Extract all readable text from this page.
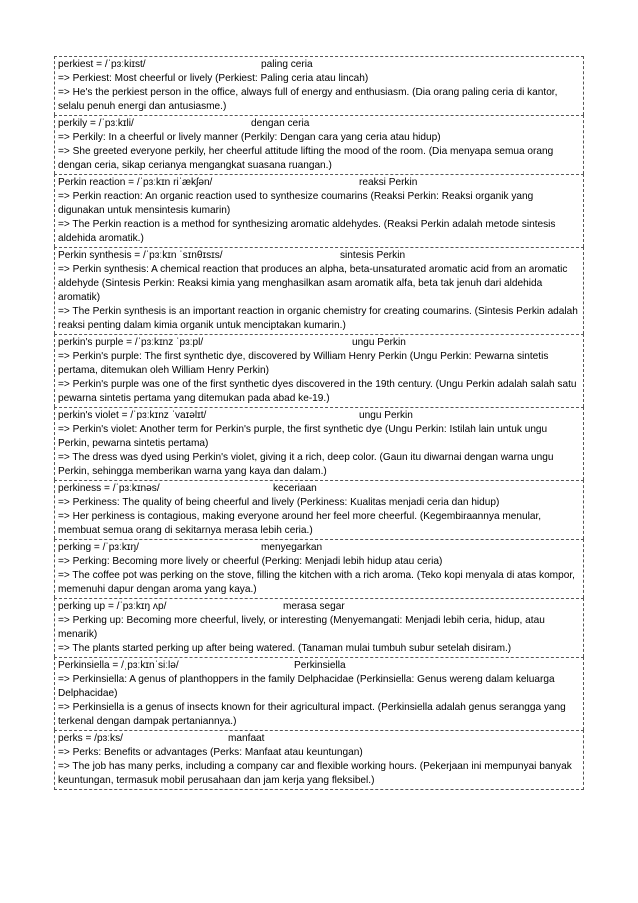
perkiest = /ˈpɜːkiɪst/	paling ceria
=> Perkiest: Most cheerful or lively (Perkiest: Paling ceria atau lincah)
=> He's the perkiest person in the office, always full of energy and enthusiasm. (Dia orang paling ceria di kantor, selalu penuh energi dan antusiasme.)
perkily = /ˈpɜːkɪli/	dengan ceria
=> Perkily: In a cheerful or lively manner (Perkily: Dengan cara yang ceria atau hidup)
=> She greeted everyone perkily, her cheerful attitude lifting the mood of the room. (Dia menyapa semua orang dengan ceria, sikap cerianya mengangkat suasana ruangan.)
Perkin reaction = /ˈpɜːkɪn riˈækʃən/	reaksi Perkin
=> Perkin reaction: An organic reaction used to synthesize coumarins (Reaksi Perkin: Reaksi organik yang digunakan untuk mensintesis kumarin)
=> The Perkin reaction is a method for synthesizing aromatic aldehydes. (Reaksi Perkin adalah metode sintesis aldehida aromatik.)
Perkin synthesis = /ˈpɜːkɪn ˈsɪnθɪsɪs/	sintesis Perkin
=> Perkin synthesis: A chemical reaction that produces an alpha, beta-unsaturated aromatic acid from an aromatic aldehyde (Sintesis Perkin: Reaksi kimia yang menghasilkan asam aromatik alfa, beta tak jenuh dari aldehida aromatik)
=> The Perkin synthesis is an important reaction in organic chemistry for creating coumarins. (Sintesis Perkin adalah reaksi penting dalam kimia organik untuk menciptakan kumarin.)
perkin's purple = /ˈpɜːkɪnz ˈpɜːpl/	ungu Perkin
=> Perkin's purple: The first synthetic dye, discovered by William Henry Perkin (Ungu Perkin: Pewarna sintetis pertama, ditemukan oleh William Henry Perkin)
=> Perkin's purple was one of the first synthetic dyes discovered in the 19th century. (Ungu Perkin adalah salah satu pewarna sintetis pertama yang ditemukan pada abad ke-19.)
perkin's violet = /ˈpɜːkɪnz ˈvaɪəlɪt/	ungu Perkin
=> Perkin's violet: Another term for Perkin's purple, the first synthetic dye (Ungu Perkin: Istilah lain untuk ungu Perkin, pewarna sintetis pertama)
=> The dress was dyed using Perkin's violet, giving it a rich, deep color. (Gaun itu diwarnai dengan warna ungu Perkin, sehingga memberikan warna yang kaya dan dalam.)
perkiness = /ˈpɜːkɪnəs/	keceriaan
=> Perkiness: The quality of being cheerful and lively (Perkiness: Kualitas menjadi ceria dan hidup)
=> Her perkiness is contagious, making everyone around her feel more cheerful. (Kegembiraannya menular, membuat semua orang di sekitarnya merasa lebih ceria.)
perking = /ˈpɜːkɪŋ/	menyegarkan
=> Perking: Becoming more lively or cheerful (Perking: Menjadi lebih hidup atau ceria)
=> The coffee pot was perking on the stove, filling the kitchen with a rich aroma. (Teko kopi menyala di atas kompor, memenuhi dapur dengan aroma yang kaya.)
perking up = /ˈpɜːkɪŋ ʌp/	merasa segar
=> Perking up: Becoming more cheerful, lively, or interesting (Menyemangati: Menjadi lebih ceria, hidup, atau menarik)
=> The plants started perking up after being watered. (Tanaman mulai tumbuh subur setelah disiram.)
Perkinsiella = /ˌpɜːkɪnˈsiːlə/	Perkinsiella
=> Perkinsiella: A genus of planthoppers in the family Delphacidae (Perkinsiella: Genus wereng dalam keluarga Delphacidae)
=> Perkinsiella is a genus of insects known for their agricultural impact. (Perkinsiella adalah genus serangga yang terkenal dengan dampak pertaniannya.)
perks = /pɜːks/	manfaat
=> Perks: Benefits or advantages (Perks: Manfaat atau keuntungan)
=> The job has many perks, including a company car and flexible working hours. (Pekerjaan ini mempunyai banyak keuntungan, termasuk mobil perusahaan dan jam kerja yang fleksibel.)
